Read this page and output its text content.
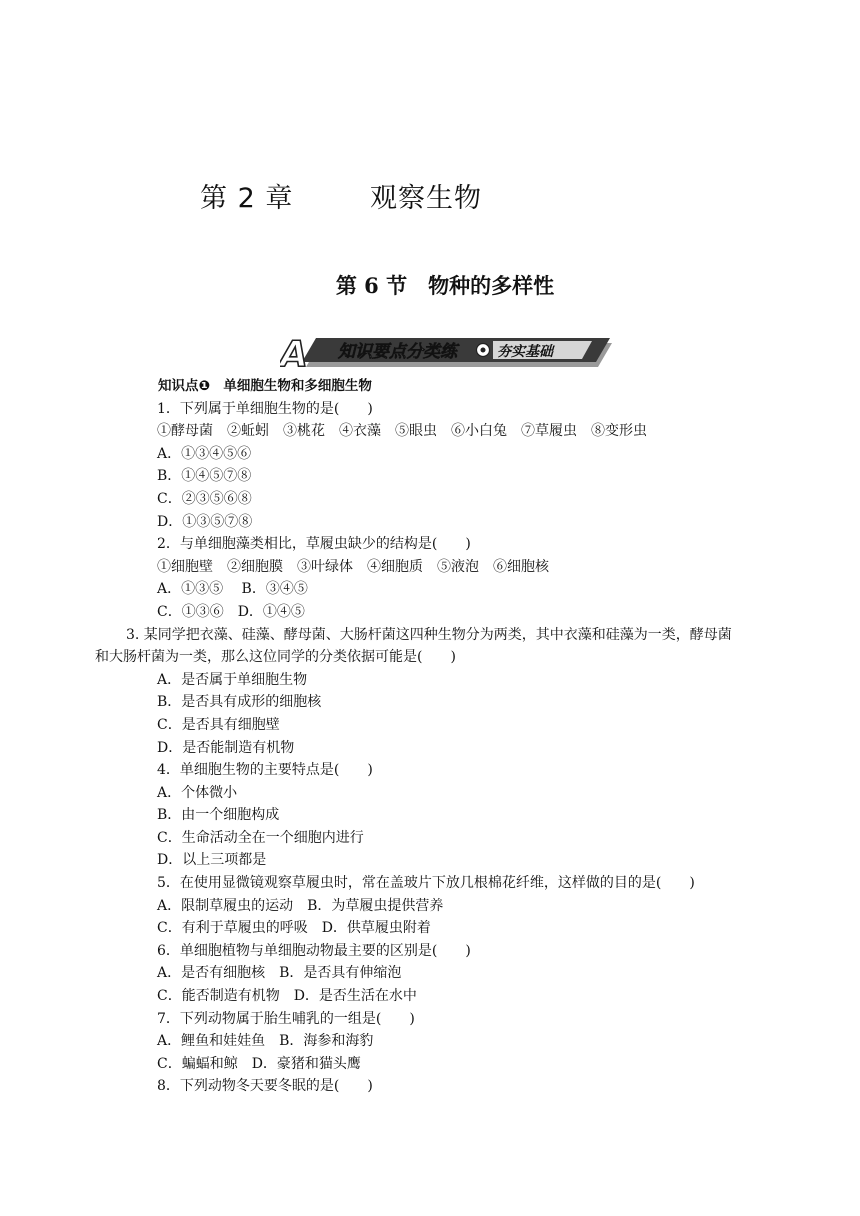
第 2 章	观察生物
第 6 节　物种的多样性
A 知识要点分类练	夯实基础
知识点❶　单细胞生物和多细胞生物
1．下列属于单细胞生物的是(　　)
①酵母菌　②蚯蚓　③桃花　④衣藻　⑤眼虫　⑥小白兔　⑦草履虫　⑧变形虫
A．①③④⑤⑥
B．①④⑤⑦⑧
C．②③⑤⑥⑧
D．①③⑤⑦⑧
2．与单细胞藻类相比，草履虫缺少的结构是(　　)
①细胞壁　②细胞膜　③叶绿体　④细胞质　⑤液泡　⑥细胞核
A．①③⑤　 B．③④⑤
C．①③⑥　D．①④⑤
3. 某同学把衣藻、硅藻、酵母菌、大肠杆菌这四种生物分为两类，其中衣藻和硅藻为一类，酵母菌和大肠杆菌为一类，那么这位同学的分类依据可能是(　　)
A．是否属于单细胞生物
B．是否具有成形的细胞核
C．是否具有细胞壁
D．是否能制造有机物
4．单细胞生物的主要特点是(　　)
A．个体微小
B．由一个细胞构成
C．生命活动全在一个细胞内进行
D．以上三项都是
5．在使用显微镜观察草履虫时，常在盖玻片下放几根棉花纤维，这样做的目的是(　　)
A．限制草履虫的运动　B．为草履虫提供营养
C．有利于草履虫的呼吸　D．供草履虫附着
6．单细胞植物与单细胞动物最主要的区别是(　　)
A．是否有细胞核　B．是否具有伸缩泡
C．能否制造有机物　D．是否生活在水中
7．下列动物属于胎生哺乳的一组是(　　)
A．鲤鱼和娃娃鱼　B．海参和海豹
C．蝙蝠和鲸　D．豪猪和猫头鹰
8．下列动物冬天要冬眠的是(　　)
